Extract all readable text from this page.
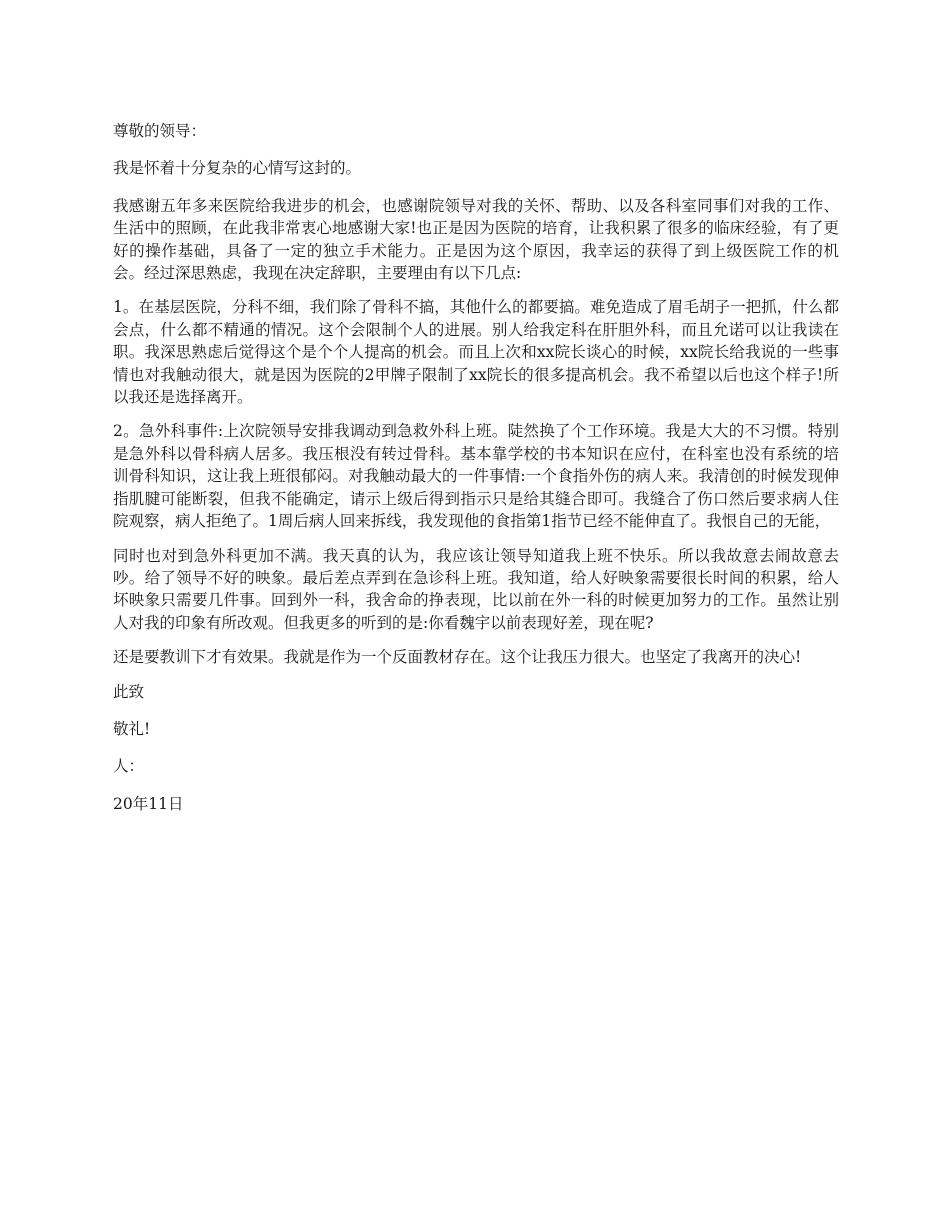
尊敬的领导：

我是怀着十分复杂的心情写这封的。

我感谢五年多来医院给我进步的机会，也感谢院领导对我的关怀、帮助、以及各科室同事们对我的工作、生活中的照顾，在此我非常衷心地感谢大家!也正是因为医院的培育，让我积累了很多的临床经验，有了更好的操作基础，具备了一定的独立手术能力。正是因为这个原因，我幸运的获得了到上级医院工作的机会。经过深思熟虑，我现在决定辞职，主要理由有以下几点:

1。在基层医院，分科不细，我们除了骨科不搞，其他什么的都要搞。难免造成了眉毛胡子一把抓，什么都会点，什么都不精通的情况。这个会限制个人的进展。别人给我定科在肝胆外科，而且允诺可以让我读在职。我深思熟虑后觉得这个是个个人提高的机会。而且上次和xx院长谈心的时候，xx院长给我说的一些事情也对我触动很大，就是因为医院的2甲牌子限制了xx院长的很多提高机会。我不希望以后也这个样子!所以我还是选择离开。

2。急外科事件:上次院领导安排我调动到急救外科上班。陡然换了个工作环境。我是大大的不习惯。特别是急外科以骨科病人居多。我压根没有转过骨科。基本靠学校的书本知识在应付，在科室也没有系统的培训骨科知识，这让我上班很郁闷。对我触动最大的一件事情:一个食指外伤的病人来。我清创的时候发现伸指肌腱可能断裂，但我不能确定，请示上级后得到指示只是给其缝合即可。我缝合了伤口然后要求病人住院观察，病人拒绝了。1周后病人回来拆线，我发现他的食指第1指节已经不能伸直了。我恨自己的无能，

同时也对到急外科更加不满。我天真的认为，我应该让领导知道我上班不快乐。所以我故意去闹故意去吵。给了领导不好的映象。最后差点弄到在急诊科上班。我知道，给人好映象需要很长时间的积累，给人坏映象只需要几件事。回到外一科，我舍命的挣表现，比以前在外一科的时候更加努力的工作。虽然让别人对我的印象有所改观。但我更多的听到的是:你看魏宇以前表现好差，现在呢?

还是要教训下才有效果。我就是作为一个反面教材存在。这个让我压力很大。也坚定了我离开的决心!

此致

敬礼!

人：

20年11日
